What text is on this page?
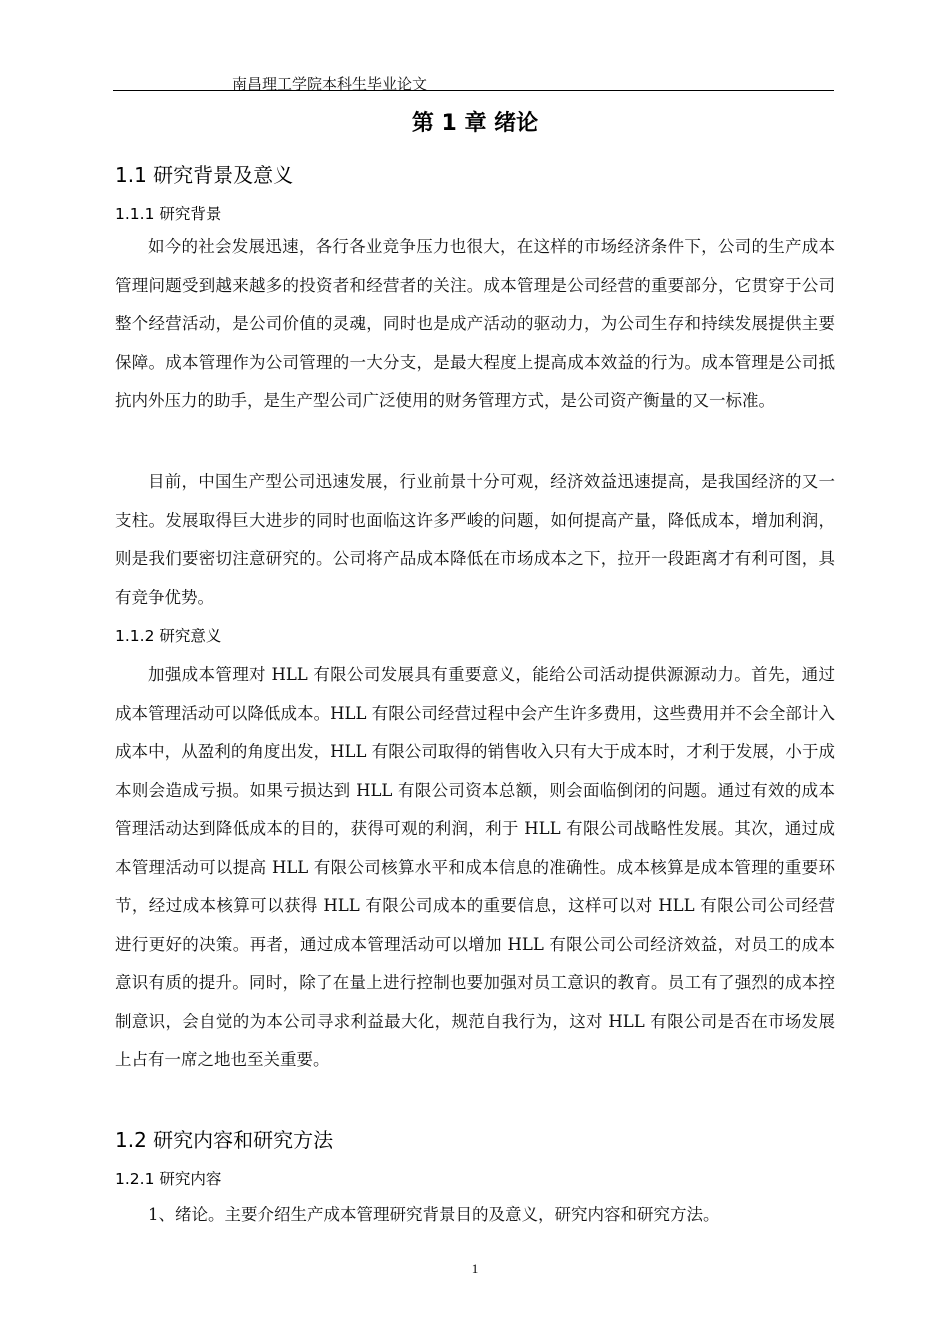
南昌理工学院本科生毕业论文
第 1 章 绪论
1.1 研究背景及意义
1.1.1 研究背景

如今的社会发展迅速，各行各业竞争压力也很大，在这样的市场经济条件下，公司的生产成本管理问题受到越来越多的投资者和经营者的关注。成本管理是公司经营的重要部分，它贯穿于公司整个经营活动，是公司价值的灵魂，同时也是成产活动的驱动力，为公司生存和持续发展提供主要保障。成本管理作为公司管理的一大分支，是最大程度上提高成本效益的行为。成本管理是公司抵抗内外压力的助手，是生产型公司广泛使用的财务管理方式，是公司资产衡量的又一标准。

目前，中国生产型公司迅速发展，行业前景十分可观，经济效益迅速提高，是我国经济的又一支柱。发展取得巨大进步的同时也面临这许多严峻的问题，如何提高产量，降低成本，增加利润，则是我们要密切注意研究的。公司将产品成本降低在市场成本之下，拉开一段距离才有利可图，具有竞争优势。

1.1.2 研究意义

加强成本管理对 HLL 有限公司发展具有重要意义，能给公司活动提供源源动力。首先，通过成本管理活动可以降低成本。HLL 有限公司经营过程中会产生许多费用，这些费用并不会全部计入成本中，从盈利的角度出发，HLL 有限公司取得的销售收入只有大于成本时，才利于发展，小于成本则会造成亏损。如果亏损达到 HLL 有限公司资本总额，则会面临倒闭的问题。通过有效的成本管理活动达到降低成本的目的，获得可观的利润，利于 HLL 有限公司战略性发展。其次，通过成本管理活动可以提高 HLL 有限公司核算水平和成本信息的准确性。成本核算是成本管理的重要环节，经过成本核算可以获得 HLL 有限公司成本的重要信息，这样可以对 HLL 有限公司公司经营进行更好的决策。再者，通过成本管理活动可以增加 HLL 有限公司公司经济效益，对员工的成本意识有质的提升。同时，除了在量上进行控制也要加强对员工意识的教育。员工有了强烈的成本控制意识，会自觉的为本公司寻求利益最大化，规范自我行为，这对 HLL 有限公司是否在市场发展上占有一席之地也至关重要。

1.2 研究内容和研究方法
1.2.1 研究内容

1、绪论。主要介绍生产成本管理研究背景目的及意义，研究内容和研究方法。

1
